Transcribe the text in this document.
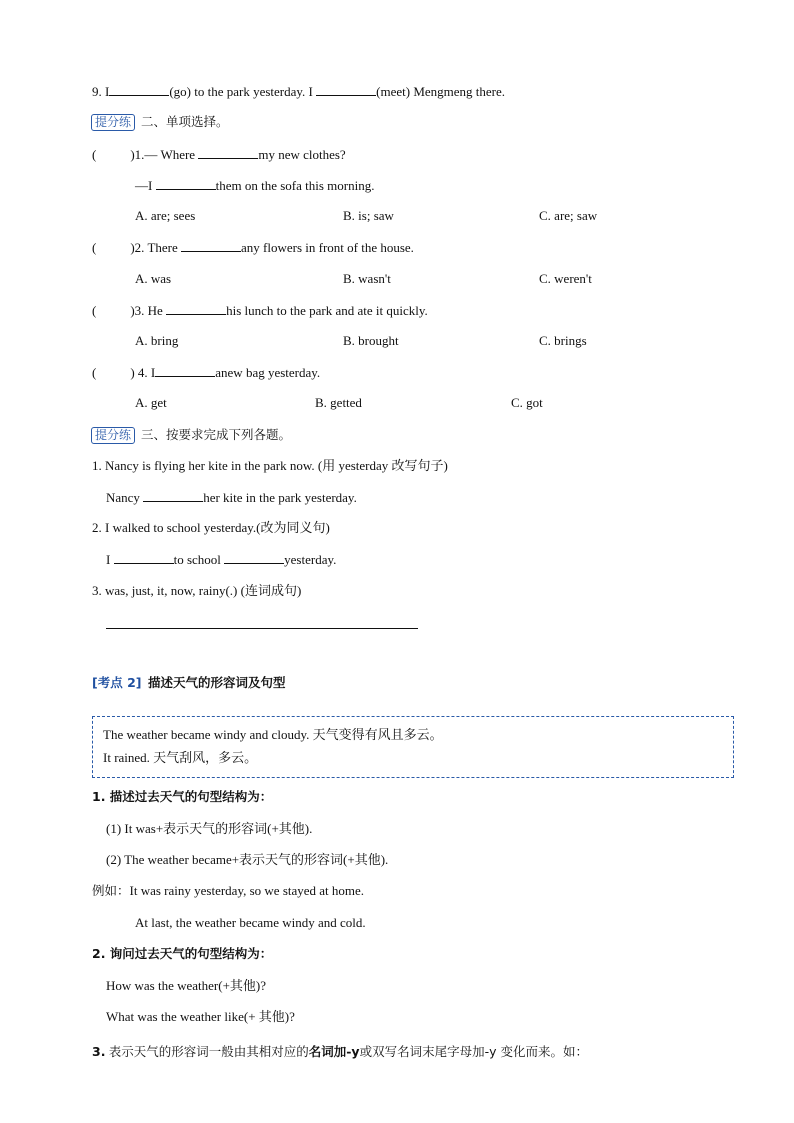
9. I	(go) to the park yesterday. I	(meet) Mengmeng there.
提分练 二、单项选择。
(	)1.— Where	my new clothes?
—I	them on the sofa this morning.
A. are; sees	B. is; saw	C. are; saw
(	)2. There	any flowers in front of the house.
A. was	B. wasn't	C. weren't
(	)3. He	his lunch to the park and ate it quickly.
A. bring	B. brought	C. brings
(	) 4. I	anew bag yesterday.
A. get	B. getted	C. got
提分练 三、按要求完成下列各题。
1. Nancy is flying her kite in the park now. (用 yesterday 改写句子)
Nancy	her kite in the park yesterday.
2. I walked to school yesterday.(改为同义句)
I	to school	yesterday.
3. was, just, it, now, rainy(.) (连词成句)
[考点 2] 描述天气的形容词及句型
The weather became windy and cloudy. 天气变得有风且多云。
It rained. 天气刮风，多云。
1. 描述过去天气的句型结构为：
(1) It was+表示天气的形容词(+其他).
(2) The weather became+表示天气的形容词(+其他).
例如：It was rainy yesterday, so we stayed at home.
At last, the weather became windy and cold.
2. 询问过去天气的句型结构为：
How was the weather(+其他)?
What was the weather like(+ 其他)?
3. 表示天气的形容词一般由其相对应的名词加-y或双写名词末尾字母加-y 变化而来。如：
